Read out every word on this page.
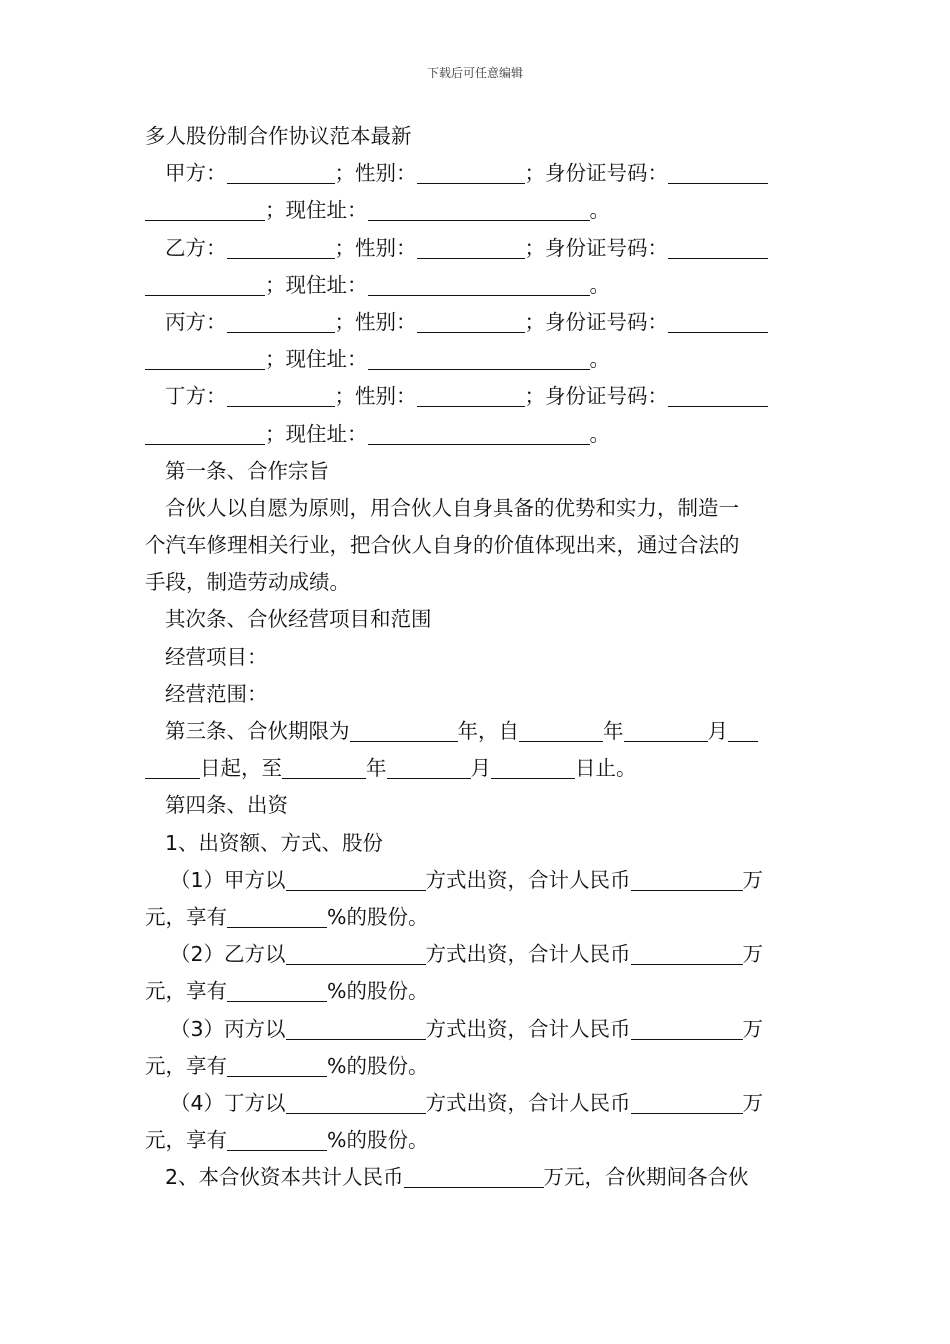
下载后可任意编辑
多人股份制合作协议范本最新
甲方：	；性别：	；身份证号码：
；现住址：	。
乙方：	；性别：	；身份证号码：
；现住址：	。
丙方：	；性别：	；身份证号码：
；现住址：	。
丁方：	；性别：	；身份证号码：
；现住址：	。
第一条、合作宗旨
合伙人以自愿为原则，用合伙人自身具备的优势和实力，制造一
个汽车修理相关行业，把合伙人自身的价值体现出来，通过合法的
手段，制造劳动成绩。
其次条、合伙经营项目和范围
经营项目：
经营范围：
第三条、合伙期限为	年，自	年	月
日起，至	年	月	日止。
第四条、出资
1、出资额、方式、股份
（1）甲方以	方式出资，合计人民币	万
元，享有	%的股份。
（2）乙方以	方式出资，合计人民币	万
元，享有	%的股份。
（3）丙方以	方式出资，合计人民币	万
元，享有	%的股份。
（4）丁方以	方式出资，合计人民币	万
元，享有	%的股份。
2、本合伙资本共计人民币	万元，合伙期间各合伙
